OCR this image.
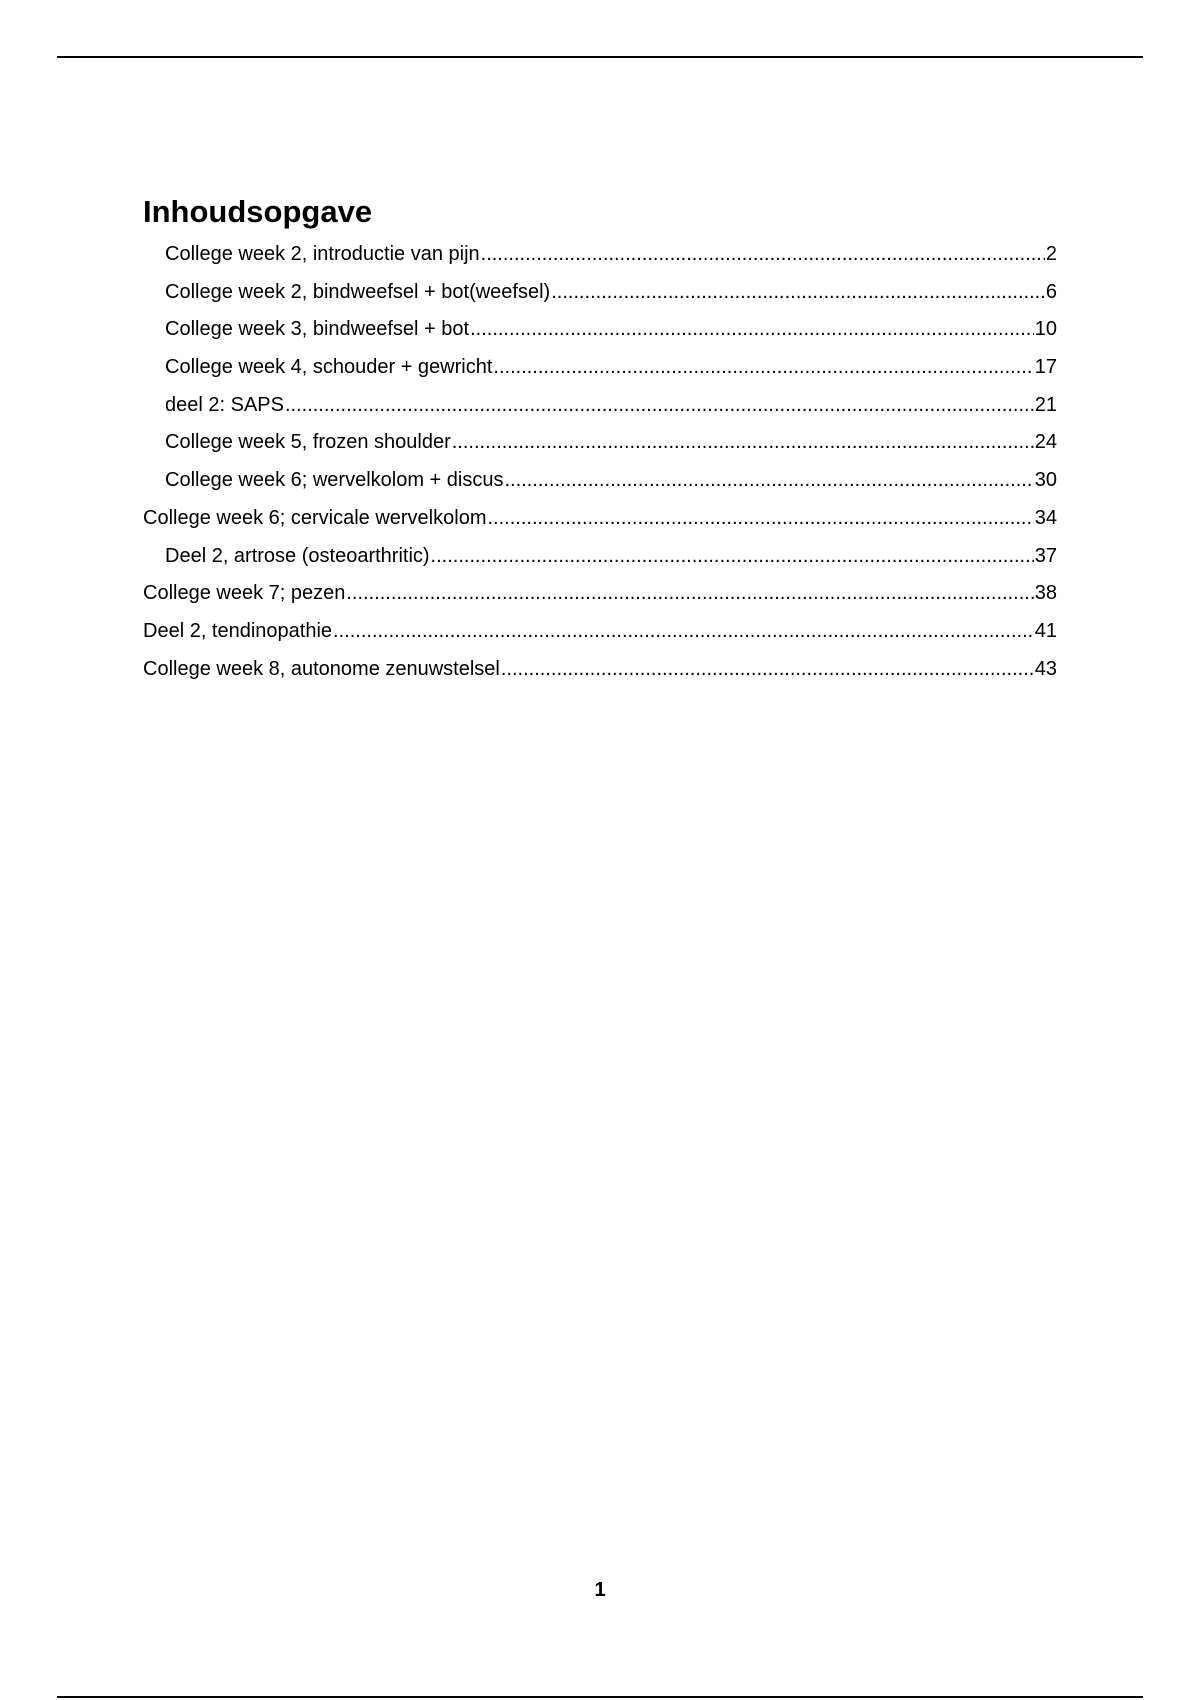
Inhoudsopgave
College week 2, introductie van pijn .....	2
College week 2, bindweefsel + bot(weefsel) .....	6
College week 3, bindweefsel + bot .....	10
College week 4, schouder + gewricht .....	17
deel 2: SAPS .....	21
College week 5, frozen shoulder .....	24
College week 6; wervelkolom + discus .....	30
College week 6; cervicale wervelkolom .....	34
Deel 2, artrose (osteoarthritic) .....	37
College week 7; pezen .....	38
Deel 2, tendinopathie .....	41
College week 8, autonome zenuwstelsel .....	43
1
